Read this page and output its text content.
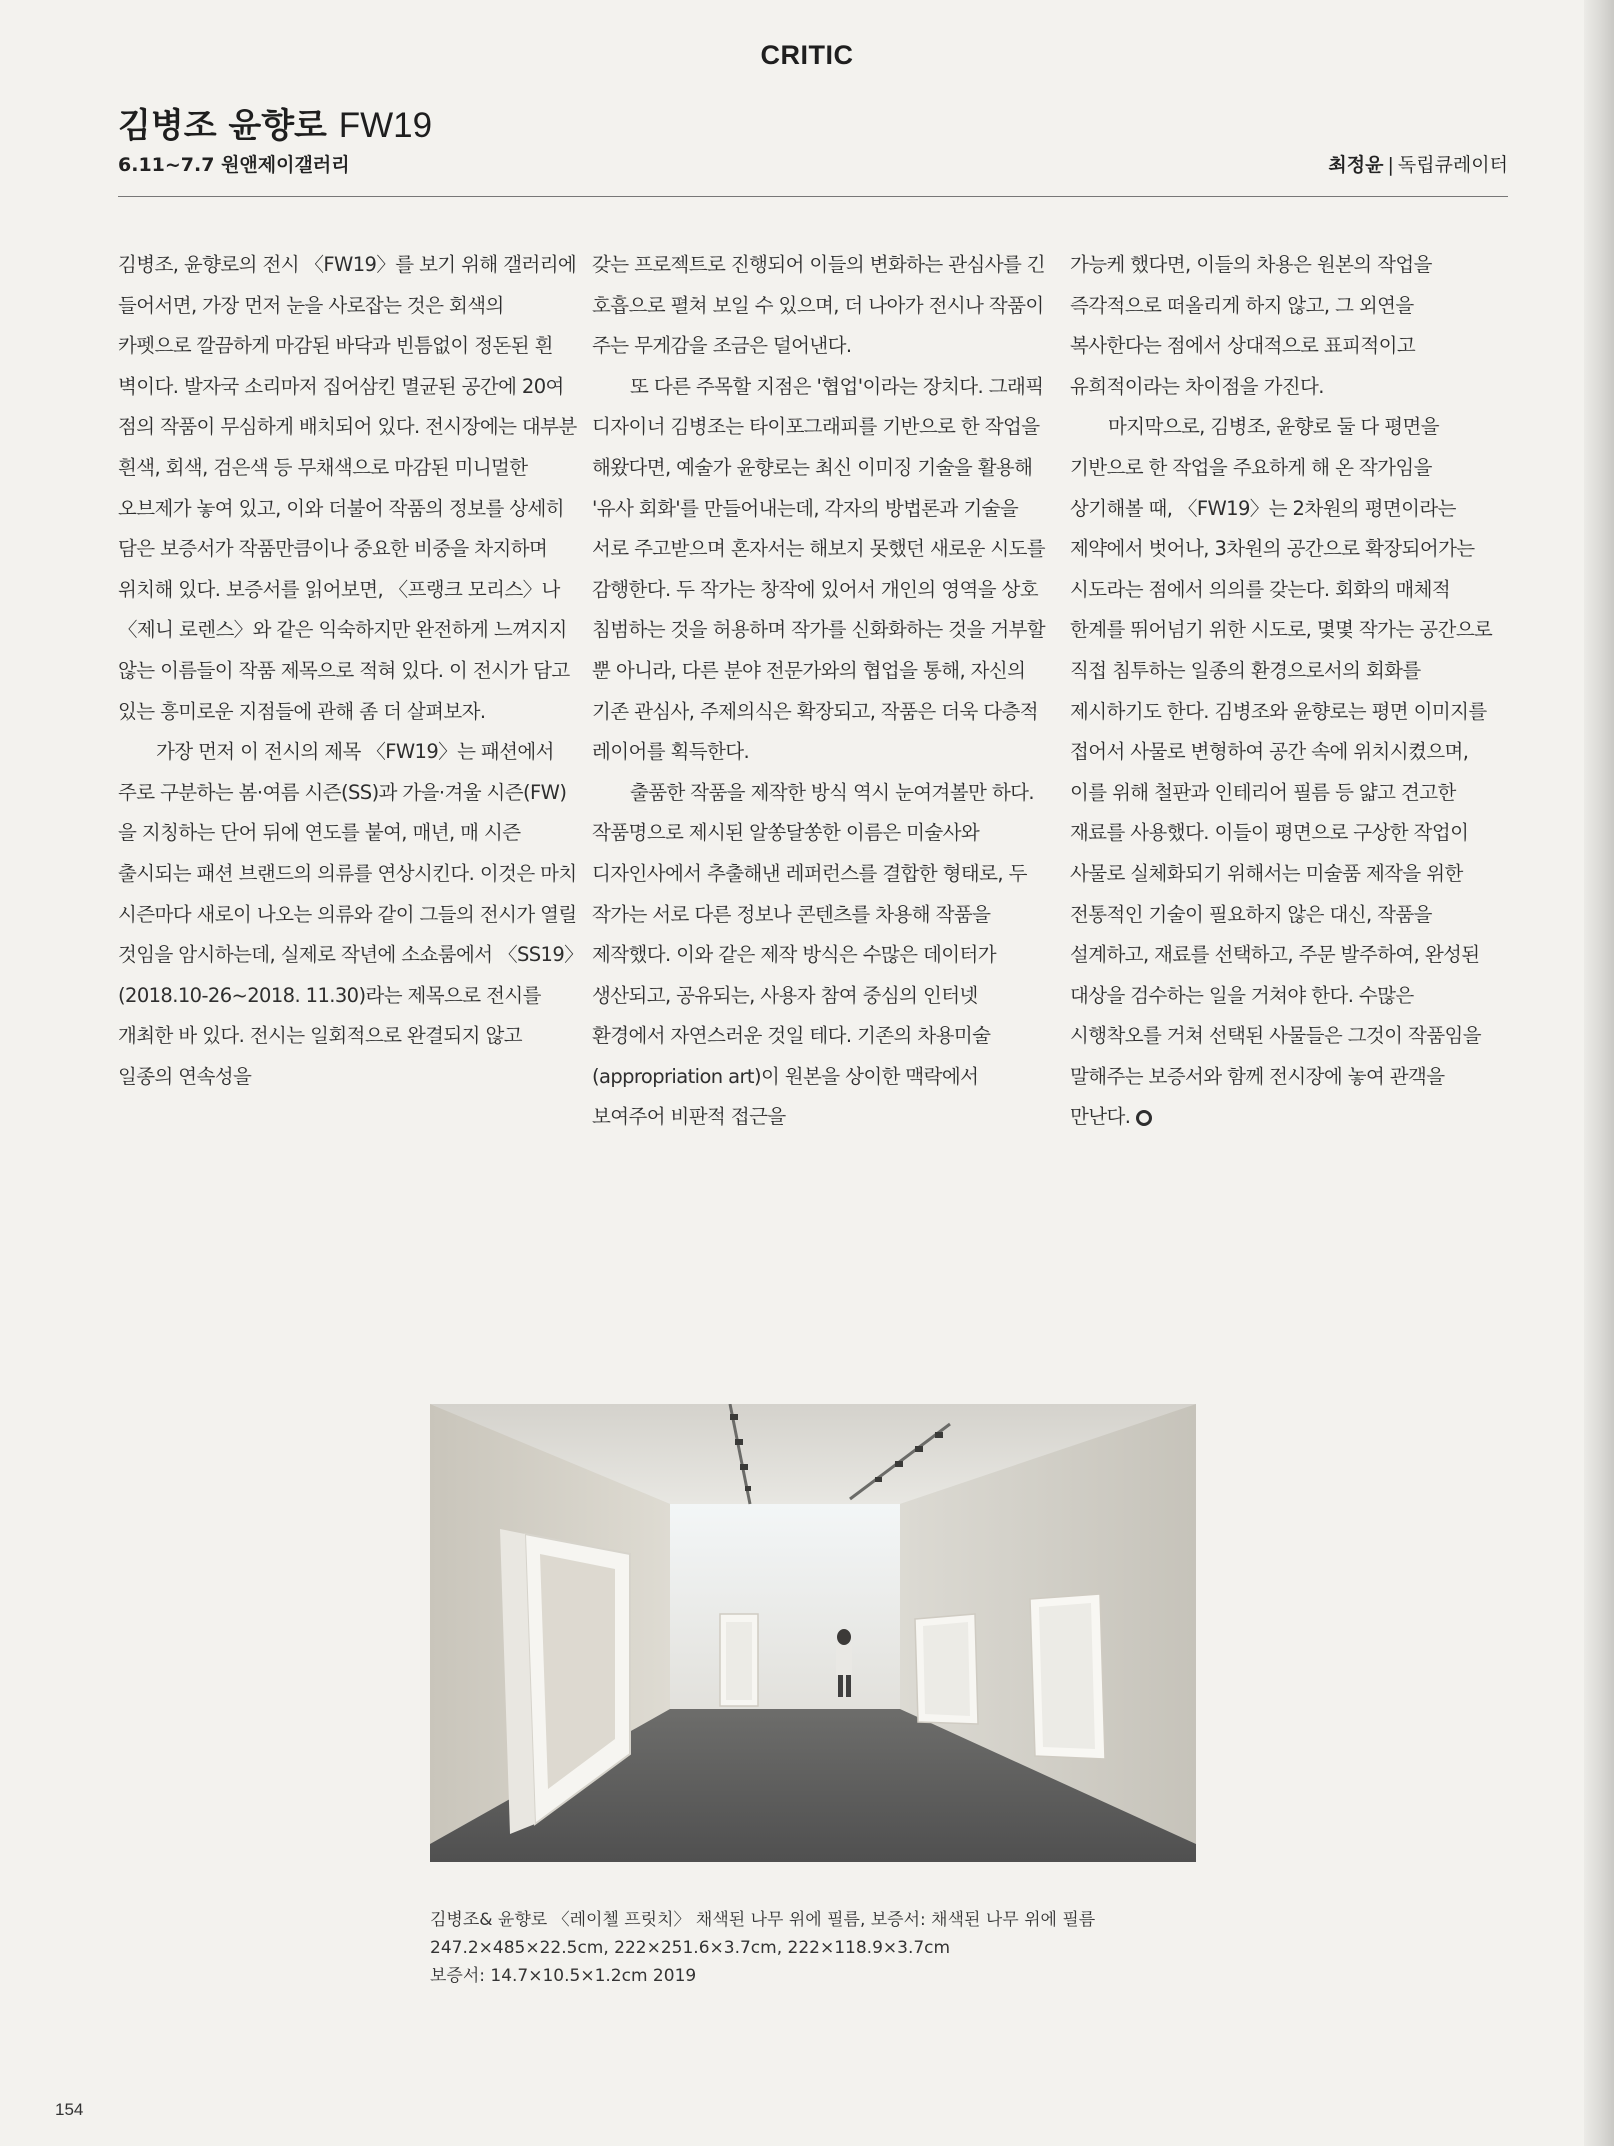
CRITIC
김병조 윤향로 FW19
6.11~7.7 원앤제이갤러리	최정윤 | 독립큐레이터

김병조, 윤향로의 전시 〈FW19〉를 보기 위해 갤러리에 들어서면, 가장 먼저 눈을 사로잡는 것은 회색의 카펫으로 깔끔하게 마감된 바닥과 빈틈없이 정돈된 흰 벽이다. 발자국 소리마저 집어삼킨 멸균된 공간에 20여 점의 작품이 무심하게 배치되어 있다. 전시장에는 대부분 흰색, 회색, 검은색 등 무채색으로 마감된 미니멀한 오브제가 놓여 있고, 이와 더불어 작품의 정보를 상세히 담은 보증서가 작품만큼이나 중요한 비중을 차지하며 위치해 있다. 보증서를 읽어보면, 〈프랭크 모리스〉나 〈제니 로렌스〉와 같은 익숙하지만 완전하게 느껴지지 않는 이름들이 작품 제목으로 적혀 있다. 이 전시가 담고 있는 흥미로운 지점들에 관해 좀 더 살펴보자.

가장 먼저 이 전시의 제목 〈FW19〉는 패션에서 주로 구분하는 봄·여름 시즌(SS)과 가을·겨울 시즌(FW)을 지칭하는 단어 뒤에 연도를 붙여, 매년, 매 시즌 출시되는 패션 브랜드의 의류를 연상시킨다. 이것은 마치 시즌마다 새로이 나오는 의류와 같이 그들의 전시가 열릴 것임을 암시하는데, 실제로 작년에 소쇼룸에서 〈SS19〉(2018.10-26~2018. 11.30)라는 제목으로 전시를 개최한 바 있다. 전시는 일회적으로 완결되지 않고 일종의 연속성을

갖는 프로젝트로 진행되어 이들의 변화하는 관심사를 긴 호흡으로 펼쳐 보일 수 있으며, 더 나아가 전시나 작품이 주는 무게감을 조금은 덜어낸다.

또 다른 주목할 지점은 '협업'이라는 장치다. 그래픽 디자이너 김병조는 타이포그래피를 기반으로 한 작업을 해왔다면, 예술가 윤향로는 최신 이미징 기술을 활용해 '유사 회화'를 만들어내는데, 각자의 방법론과 기술을 서로 주고받으며 혼자서는 해보지 못했던 새로운 시도를 감행한다. 두 작가는 창작에 있어서 개인의 영역을 상호 침범하는 것을 허용하며 작가를 신화화하는 것을 거부할 뿐 아니라, 다른 분야 전문가와의 협업을 통해, 자신의 기존 관심사, 주제의식은 확장되고, 작품은 더욱 다층적 레이어를 획득한다.

출품한 작품을 제작한 방식 역시 눈여겨볼만 하다. 작품명으로 제시된 알쏭달쏭한 이름은 미술사와 디자인사에서 추출해낸 레퍼런스를 결합한 형태로, 두 작가는 서로 다른 정보나 콘텐츠를 차용해 작품을 제작했다. 이와 같은 제작 방식은 수많은 데이터가 생산되고, 공유되는, 사용자 참여 중심의 인터넷 환경에서 자연스러운 것일 테다. 기존의 차용미술(appropriation art)이 원본을 상이한 맥락에서 보여주어 비판적 접근을

가능케 했다면, 이들의 차용은 원본의 작업을 즉각적으로 떠올리게 하지 않고, 그 외연을 복사한다는 점에서 상대적으로 표피적이고 유희적이라는 차이점을 가진다.

마지막으로, 김병조, 윤향로 둘 다 평면을 기반으로 한 작업을 주요하게 해 온 작가임을 상기해볼 때, 〈FW19〉는 2차원의 평면이라는 제약에서 벗어나, 3차원의 공간으로 확장되어가는 시도라는 점에서 의의를 갖는다. 회화의 매체적 한계를 뛰어넘기 위한 시도로, 몇몇 작가는 공간으로 직접 침투하는 일종의 환경으로서의 회화를 제시하기도 한다. 김병조와 윤향로는 평면 이미지를 접어서 사물로 변형하여 공간 속에 위치시켰으며, 이를 위해 철판과 인테리어 필름 등 얇고 견고한 재료를 사용했다. 이들이 평면으로 구상한 작업이 사물로 실체화되기 위해서는 미술품 제작을 위한 전통적인 기술이 필요하지 않은 대신, 작품을 설계하고, 재료를 선택하고, 주문 발주하여, 완성된 대상을 검수하는 일을 거쳐야 한다. 수많은 시행착오를 거쳐 선택된 사물들은 그것이 작품임을 말해주는 보증서와 함께 전시장에 놓여 관객을 만난다.

김병조& 윤향로 〈레이첼 프릿치〉 채색된 나무 위에 필름, 보증서: 채색된 나무 위에 필름
247.2×485×22.5cm, 222×251.6×3.7cm, 222×118.9×3.7cm
보증서: 14.7×10.5×1.2cm 2019
154
